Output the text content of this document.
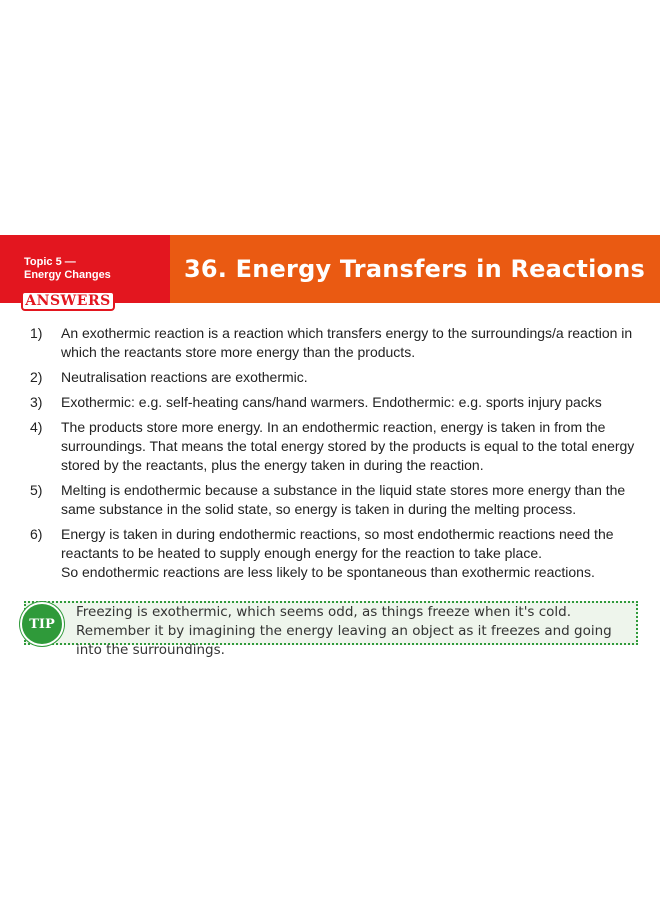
Topic 5 —
Energy Changes	36. Energy Transfers in Reactions
ANSWERS
1)	An exothermic reaction is a reaction which transfers energy to the surroundings/a reaction in which the reactants store more energy than the products.

2)	Neutralisation reactions are exothermic.

3)	Exothermic: e.g. self-heating cans/hand warmers. Endothermic: e.g. sports injury packs

4)	The products store more energy. In an endothermic reaction, energy is taken in from the surroundings. That means the total energy stored by the products is equal to the total energy stored by the reactants, plus the energy taken in during the reaction.

5)	Melting is endothermic because a substance in the liquid state stores more energy than the same substance in the solid state, so energy is taken in during the melting process.

6)	Energy is taken in during endothermic reactions, so most endothermic reactions need the reactants to be heated to supply enough energy for the reaction to take place.

So endothermic reactions are less likely to be spontaneous than exothermic reactions.

TIP
Freezing is exothermic, which seems odd, as things freeze when it's cold. Remember it by imagining the energy leaving an object as it freezes and going into the surroundings.
